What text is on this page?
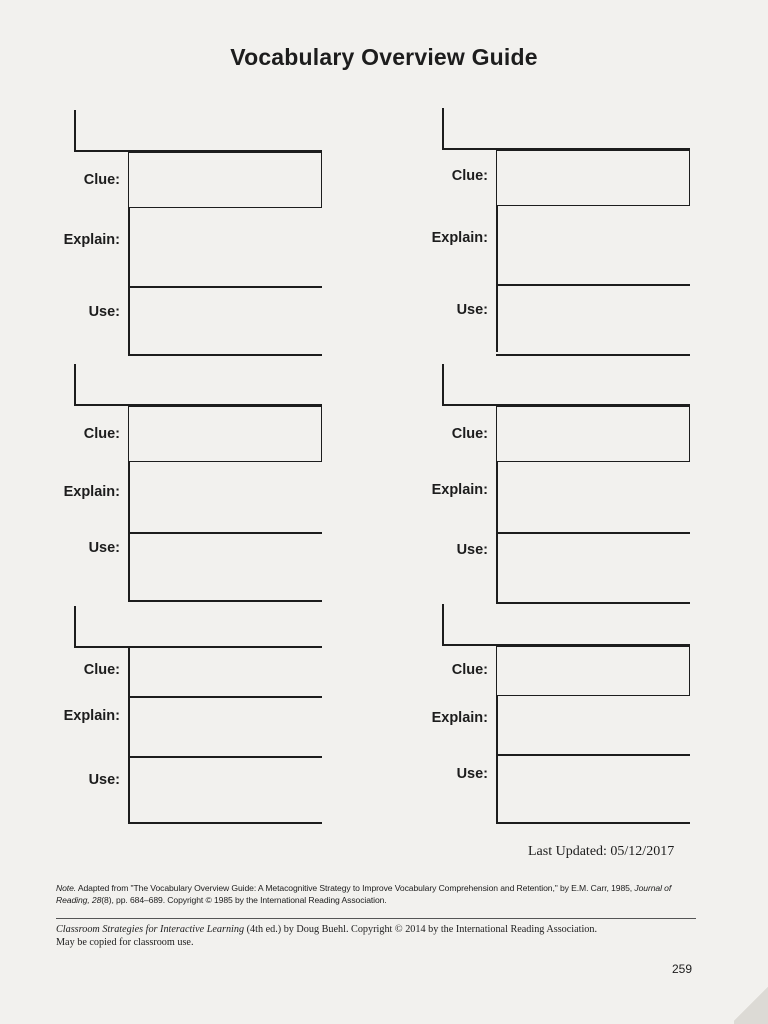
Vocabulary Overview Guide
Clue:
Explain:
Use:
Clue:
Explain:
Use:
Clue:
Explain:
Use:
Clue:
Explain:
Use:
Clue:
Explain:
Use:
Clue:
Explain:
Use:
Last Updated: 05/12/2017
Note. Adapted from "The Vocabulary Overview Guide: A Metacognitive Strategy to Improve Vocabulary Comprehension and Retention," by E.M. Carr, 1985, Journal of Reading, 28(8), pp. 684–689. Copyright © 1985 by the International Reading Association.
Classroom Strategies for Interactive Learning (4th ed.) by Doug Buehl. Copyright © 2014 by the International Reading Association.
May be copied for classroom use.
259
